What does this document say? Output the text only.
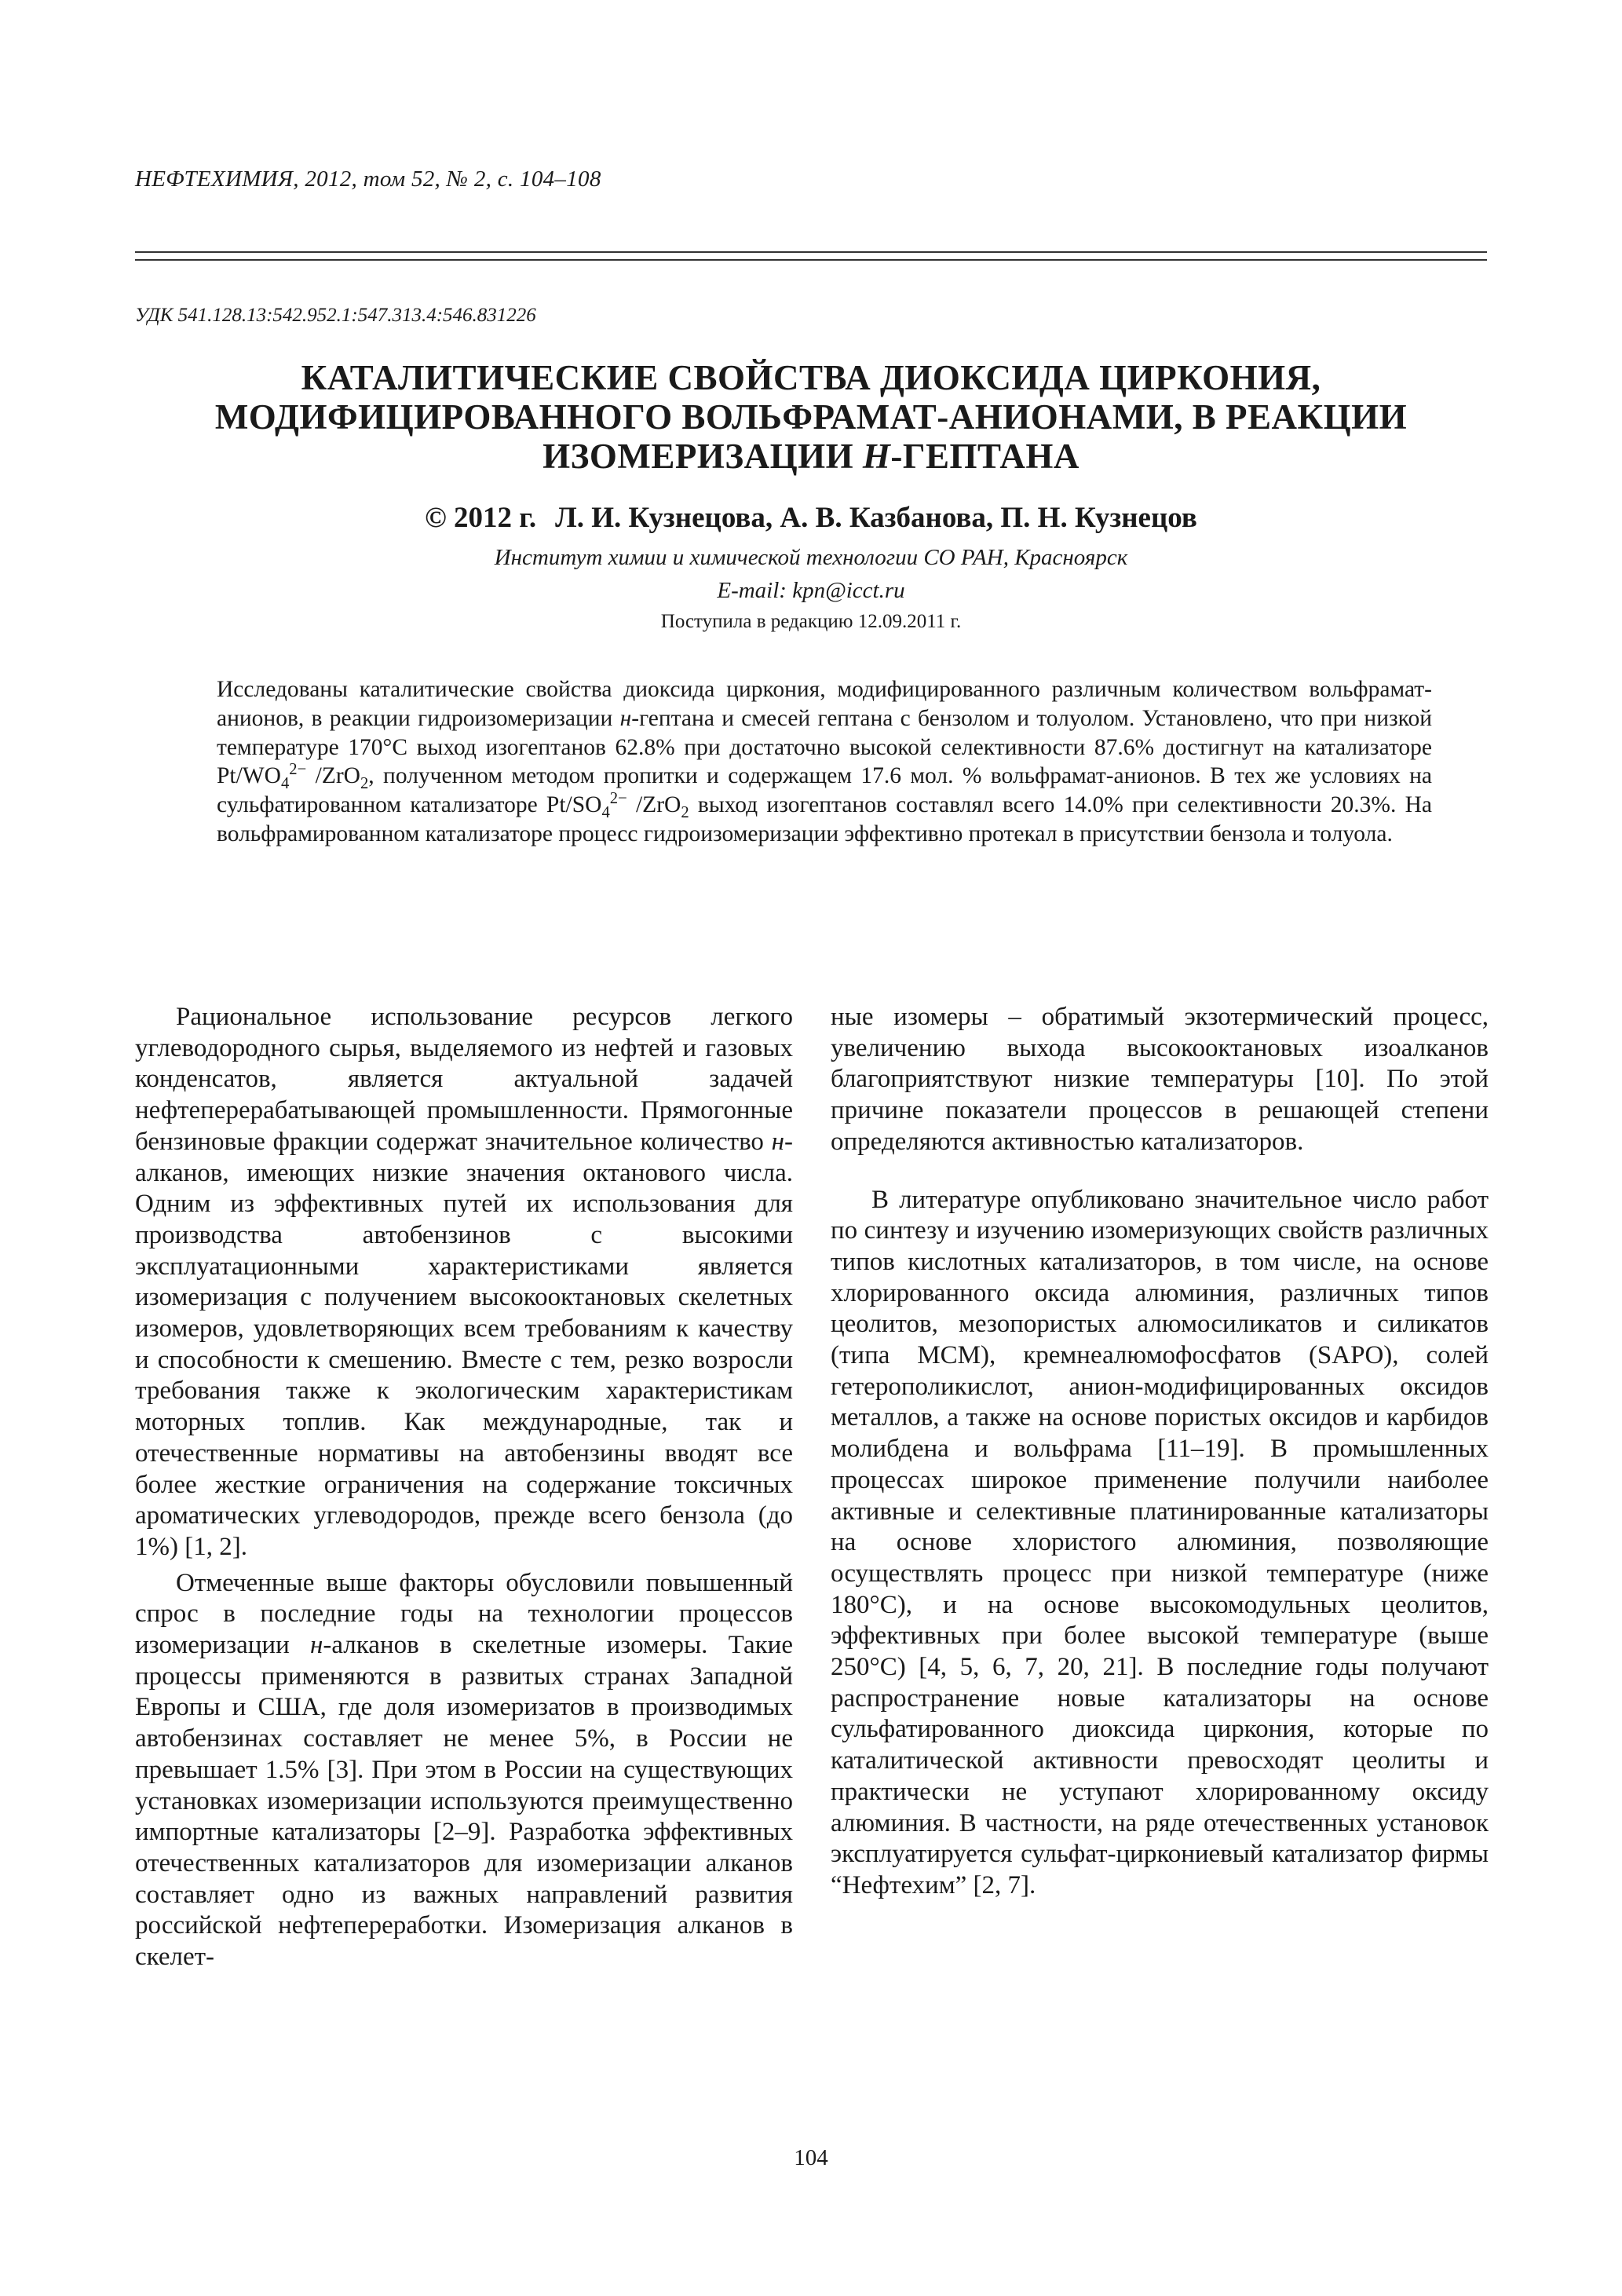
НЕФТЕХИМИЯ, 2012, том 52, № 2, с. 104–108
УДК 541.128.13:542.952.1:547.313.4:546.831226
КАТАЛИТИЧЕСКИЕ СВОЙСТВА ДИОКСИДА ЦИРКОНИЯ,
МОДИФИЦИРОВАННОГО ВОЛЬФРАМАТ-АНИОНАМИ, В РЕАКЦИИ
ИЗОМЕРИЗАЦИИ Н-ГЕПТАНА
© 2012 г. Л. И. Кузнецова, А. В. Казбанова, П. Н. Кузнецов
Институт химии и химической технологии СО РАН, Красноярск
E-mail: kpn@icct.ru
Поступила в редакцию 12.09.2011 г.

Исследованы каталитические свойства диоксида циркония, модифицированного различным количеством вольфрамат-анионов, в реакции гидроизомеризации н-гептана и смесей гептана с бензолом и толуолом. Установлено, что при низкой температуре 170°С выход изогептанов 62.8% при достаточно высокой селективности 87.6% достигнут на катализаторе $Pt/WO_4^{2-}$ /ZrO$_2$, полученном методом пропитки и содержащем 17.6 мол. % вольфрамат-анионов. В тех же условиях на сульфатированном катализаторе $Pt/SO_4^{2-}$ /ZrO$_2$ выход изогептанов составлял всего 14.0% при селективности 20.3%. На вольфрамированном катализаторе процесс гидроизомеризации эффективно протекал в присутствии бензола и толуола.

Рациональное использование ресурсов легкого углеводородного сырья, выделяемого из нефтей и газовых конденсатов, является актуальной задачей нефтеперерабатывающей промышленности. Прямогонные бензиновые фракции содержат значительное количество н-алканов, имеющих низкие значения октанового числа. Одним из эффективных путей их использования для производства автобензинов с высокими эксплуатационными характеристиками является изомеризация с получением высокооктановых скелетных изомеров, удовлетворяющих всем требованиям к качеству и способности к смешению. Вместе с тем, резко возросли требования также к экологическим характеристикам моторных топлив. Как международные, так и отечественные нормативы на автобензины вводят все более жесткие ограничения на содержание токсичных ароматических углеводородов, прежде всего бензола (до 1%) [1, 2].

Отмеченные выше факторы обусловили повышенный спрос в последние годы на технологии процессов изомеризации н-алканов в скелетные изомеры. Такие процессы применяются в развитых странах Западной Европы и США, где доля изомеризатов в производимых автобензинах составляет не менее 5%, в России не превышает 1.5% [3]. При этом в России на существующих установках изомеризации используются преимущественно импортные катализаторы [2–9]. Разработка эффективных отечественных катализаторов для изомеризации алканов составляет одно из важных направлений развития российской нефтепереработки. Изомеризация алканов в скелет-

ные изомеры – обратимый экзотермический процесс, увеличению выхода высокооктановых изоалканов благоприятствуют низкие температуры [10]. По этой причине показатели процессов в решающей степени определяются активностью катализаторов.

В литературе опубликовано значительное число работ по синтезу и изучению изомеризующих свойств различных типов кислотных катализаторов, в том числе, на основе хлорированного оксида алюминия, различных типов цеолитов, мезопористых алюмосиликатов и силикатов (типа МСМ), кремнеалюмофосфатов (SAPO), солей гетерополикислот, анион-модифицированных оксидов металлов, а также на основе пористых оксидов и карбидов молибдена и вольфрама [11–19]. В промышленных процессах широкое применение получили наиболее активные и селективные платинированные катализаторы на основе хлористого алюминия, позволяющие осуществлять процесс при низкой температуре (ниже 180°С), и на основе высокомодульных цеолитов, эффективных при более высокой температуре (выше 250°С) [4, 5, 6, 7, 20, 21]. В последние годы получают распространение новые катализаторы на основе сульфатированного диоксида циркония, которые по каталитической активности превосходят цеолиты и практически не уступают хлорированному оксиду алюминия. В частности, на ряде отечественных установок эксплуатируется сульфат-циркониевый катализатор фирмы “Нефтехим” [2, 7].

104
